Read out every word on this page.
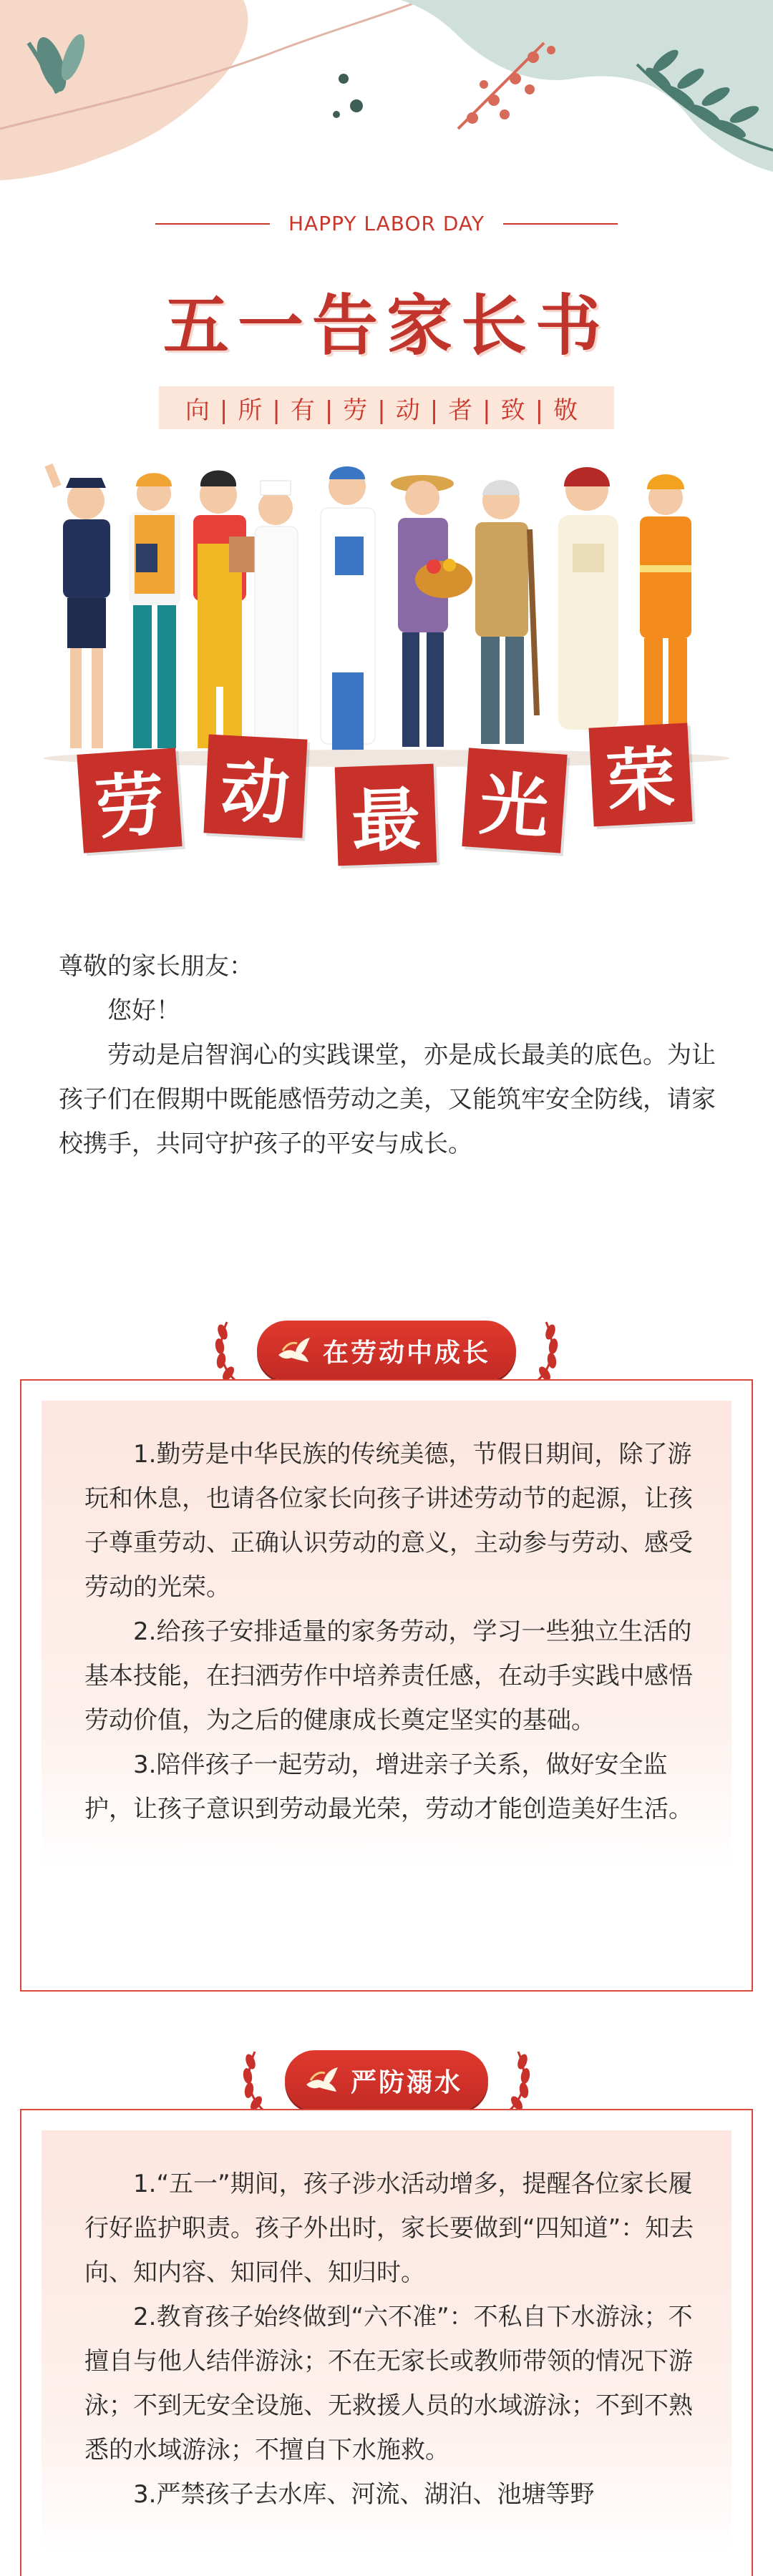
HAPPY LABOR DAY
五一告家长书
向|所|有|劳|动|者|致|敬
劳 动 最 光 荣

尊敬的家长朋友：

您好！

劳动是启智润心的实践课堂，亦是成长最美的底色。为让孩子们在假期中既能感悟劳动之美，又能筑牢安全防线，请家校携手，共同守护孩子的平安与成长。

在劳动中成长

1.勤劳是中华民族的传统美德，节假日期间，除了游玩和休息，也请各位家长向孩子讲述劳动节的起源，让孩子尊重劳动、正确认识劳动的意义，主动参与劳动、感受劳动的光荣。

2.给孩子安排适量的家务劳动，学习一些独立生活的基本技能，在扫洒劳作中培养责任感，在动手实践中感悟劳动价值，为之后的健康成长奠定坚实的基础。

3.陪伴孩子一起劳动，增进亲子关系，做好安全监护，让孩子意识到劳动最光荣，劳动才能创造美好生活。

严防溺水

1.“五一”期间，孩子涉水活动增多，提醒各位家长履行好监护职责。孩子外出时，家长要做到“四知道”：知去向、知内容、知同伴、知归时。

2.教育孩子始终做到“六不准”：不私自下水游泳；不擅自与他人结伴游泳；不在无家长或教师带领的情况下游泳；不到无安全设施、无救援人员的水域游泳；不到不熟悉的水域游泳；不擅自下水施救。

3.严禁孩子去水库、河流、湖泊、池塘等野
